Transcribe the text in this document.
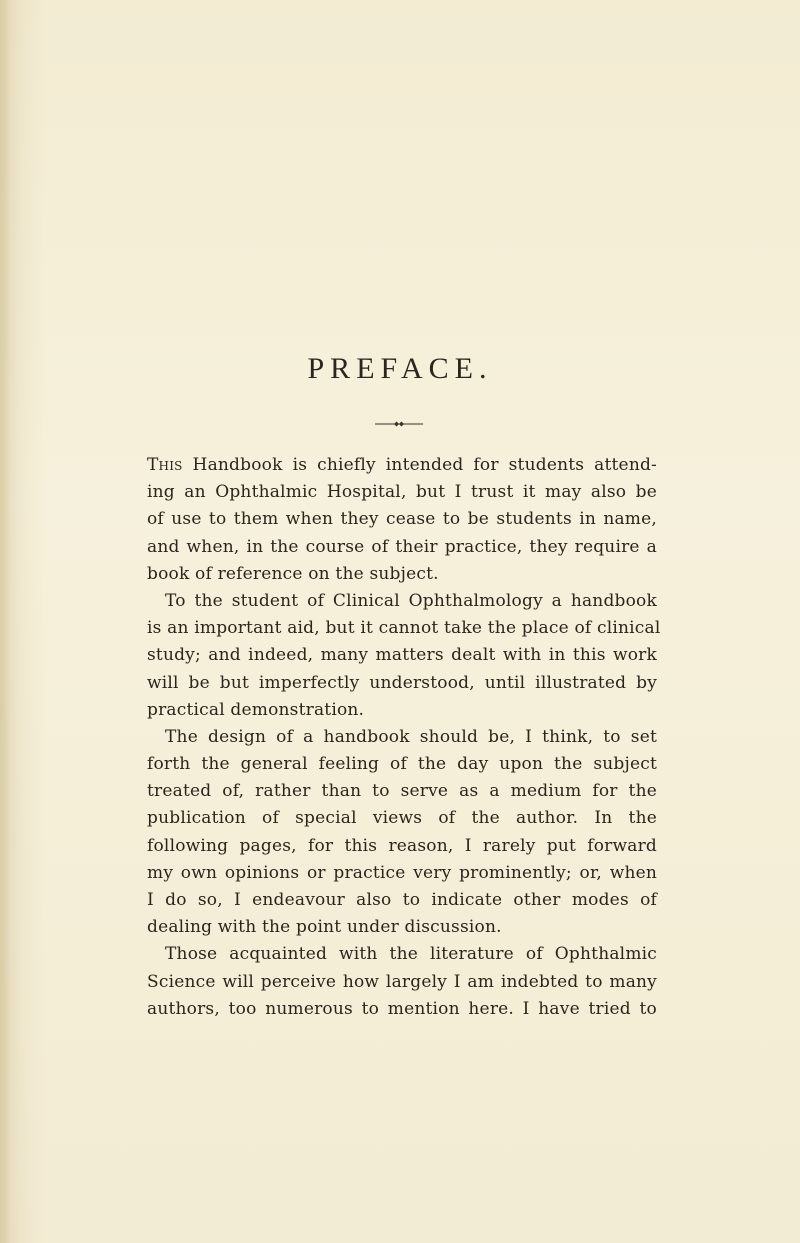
PREFACE.
This Handbook is chiefly intended for students attend-
ing an Ophthalmic Hospital, but I trust it may also be
of use to them when they cease to be students in name,
and when, in the course of their practice, they require a
book of reference on the subject.
To the student of Clinical Ophthalmology a handbook
is an important aid, but it cannot take the place of clinical
study; and indeed, many matters dealt with in this work
will be but imperfectly understood, until illustrated by
practical demonstration.
The design of a handbook should be, I think, to set
forth the general feeling of the day upon the subject
treated of, rather than to serve as a medium for the
publication of special views of the author. In the
following pages, for this reason, I rarely put forward
my own opinions or practice very prominently; or, when
I do so, I endeavour also to indicate other modes of
dealing with the point under discussion.
Those acquainted with the literature of Ophthalmic
Science will perceive how largely I am indebted to many
authors, too numerous to mention here. I have tried to
